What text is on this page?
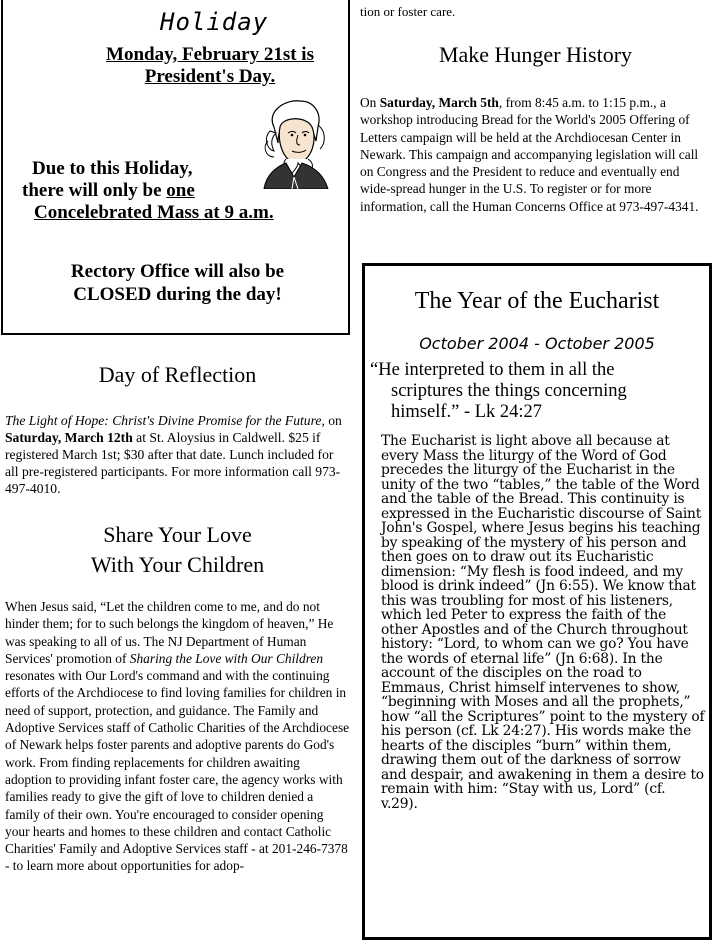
Holiday
Monday, February 21st is
President's Day.
Due to this Holiday,
there will only be one
Concelebrated Mass at 9 a.m.
Rectory Office will also be
CLOSED during the day!
Day of Reflection
The Light of Hope: Christ's Divine Promise for the Future, on Saturday, March 12th at St. Aloysius in Caldwell. $25 if registered March 1st; $30 after that date. Lunch included for all pre-registered participants. For more information call 973-497-4010.
Share Your Love
With Your Children
When Jesus said, “Let the children come to me, and do not hinder them; for to such belongs the kingdom of heaven,” He was speaking to all of us. The NJ Department of Human Services' promotion of Sharing the Love with Our Children resonates with Our Lord's command and with the continuing efforts of the Archdiocese to find loving families for children in need of support, protection, and guidance. The Family and Adoptive Services staff of Catholic Charities of the Archdiocese of Newark helps foster parents and adoptive parents do God's work. From finding replacements for children awaiting adoption to providing infant foster care, the agency works with families ready to give the gift of love to children denied a family of their own. You're encouraged to consider opening your hearts and homes to these children and contact Catholic Charities' Family and Adoptive Services staff - at 201-246-7378 - to learn more about opportunities for adop-
tion or foster care.
Make Hunger History
On Saturday, March 5th, from 8:45 a.m. to 1:15 p.m., a workshop introducing Bread for the World's 2005 Offering of Letters campaign will be held at the Archdiocesan Center in Newark. This campaign and accompanying legislation will call on Congress and the President to reduce and eventually end wide-spread hunger in the U.S. To register or for more information, call the Human Concerns Office at 973-497-4341.
The Year of the Eucharist
October 2004 - October 2005
“He interpreted to them in all the
scriptures the things concerning
himself.” - Lk 24:27
The Eucharist is light above all because at every Mass the liturgy of the Word of God precedes the liturgy of the Eucharist in the unity of the two “tables,” the table of the Word and the table of the Bread. This continuity is expressed in the Eucharistic discourse of Saint John's Gospel, where Jesus begins his teaching by speaking of the mystery of his person and then goes on to draw out its Eucharistic dimension: “My flesh is food indeed, and my blood is drink indeed” (Jn 6:55). We know that this was troubling for most of his listeners, which led Peter to express the faith of the other Apostles and of the Church throughout history: “Lord, to whom can we go? You have the words of eternal life” (Jn 6:68). In the account of the disciples on the road to Emmaus, Christ himself intervenes to show, “beginning with Moses and all the prophets,” how “all the Scriptures” point to the mystery of his person (cf. Lk 24:27). His words make the hearts of the disciples “burn” within them, drawing them out of the darkness of sorrow and despair, and awakening in them a desire to remain with him: “Stay with us, Lord” (cf. v.29).
